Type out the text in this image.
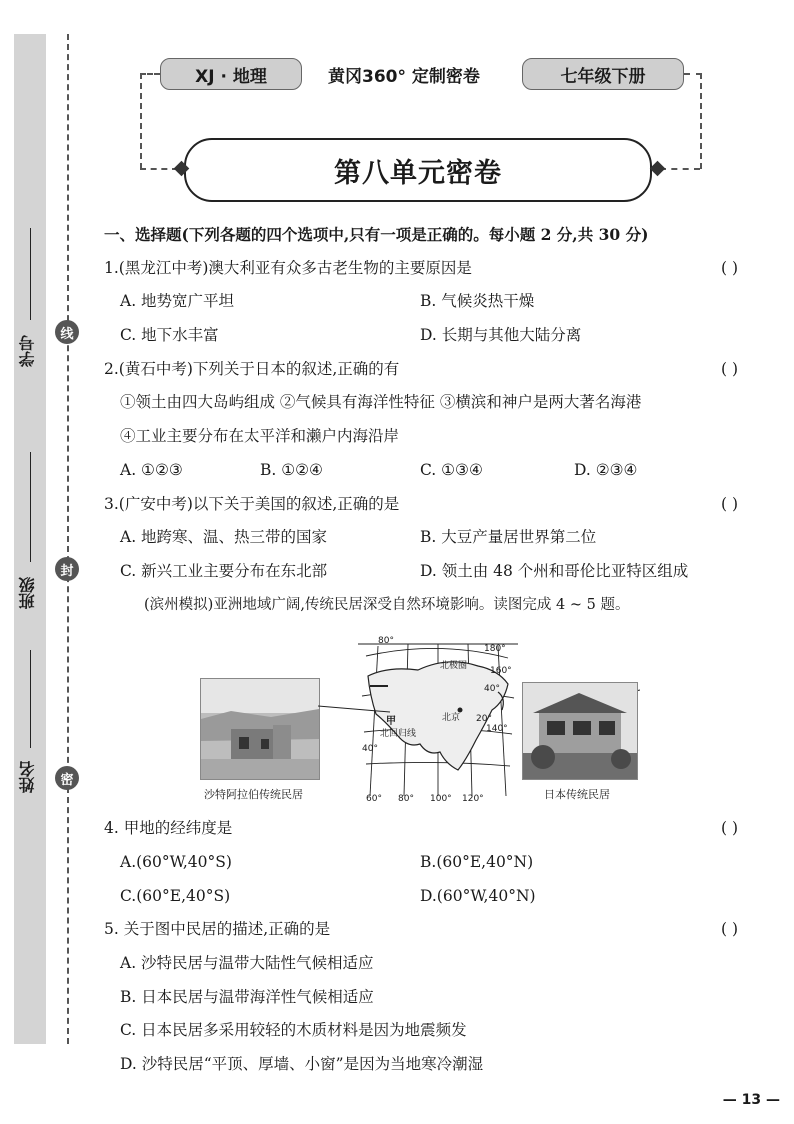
学号
班级
姓名
线
封
密
XJ · 地理	黄冈360° 定制密卷	七年级下册
第八单元密卷
一、选择题(下列各题的四个选项中,只有一项是正确的。每小题 2 分,共 30 分)
1.(黑龙江中考)澳大利亚有众多古老生物的主要原因是	( )
A. 地势宽广平坦	B. 气候炎热干燥
C. 地下水丰富	D. 长期与其他大陆分离
2.(黄石中考)下列关于日本的叙述,正确的有	( )
①领土由四大岛屿组成 ②气候具有海洋性特征 ③横滨和神户是两大著名海港
④工业主要分布在太平洋和濑户内海沿岸
A. ①②③	B. ①②④	C. ①③④	D. ②③④
3.(广安中考)以下关于美国的叙述,正确的是	( )
A. 地跨寒、温、热三带的国家	B. 大豆产量居世界第二位
C. 新兴工业主要分布在东北部	D. 领土由 48 个州和哥伦比亚特区组成
(滨州模拟)亚洲地域广阔,传统民居深受自然环境影响。读图完成 4 ~ 5 题。
4. 甲地的经纬度是	( )
A.(60°W,40°S)	B.(60°E,40°N)
C.(60°E,40°S)	D.(60°W,40°N)
5. 关于图中民居的描述,正确的是	( )
A. 沙特民居与温带大陆性气候相适应
B. 日本民居与温带海洋性气候相适应
C. 日本民居多采用较轻的木质材料是因为地震频发
D. 沙特民居“平顶、厚墙、小窗”是因为当地寒冷潮湿
沙特阿拉伯传统民居
80°
180°
160°
北极圈
40°
甲	北京 20°
140°
北回归线
40°
60° 80° 100° 120°	日本传统民居
— 13 —
